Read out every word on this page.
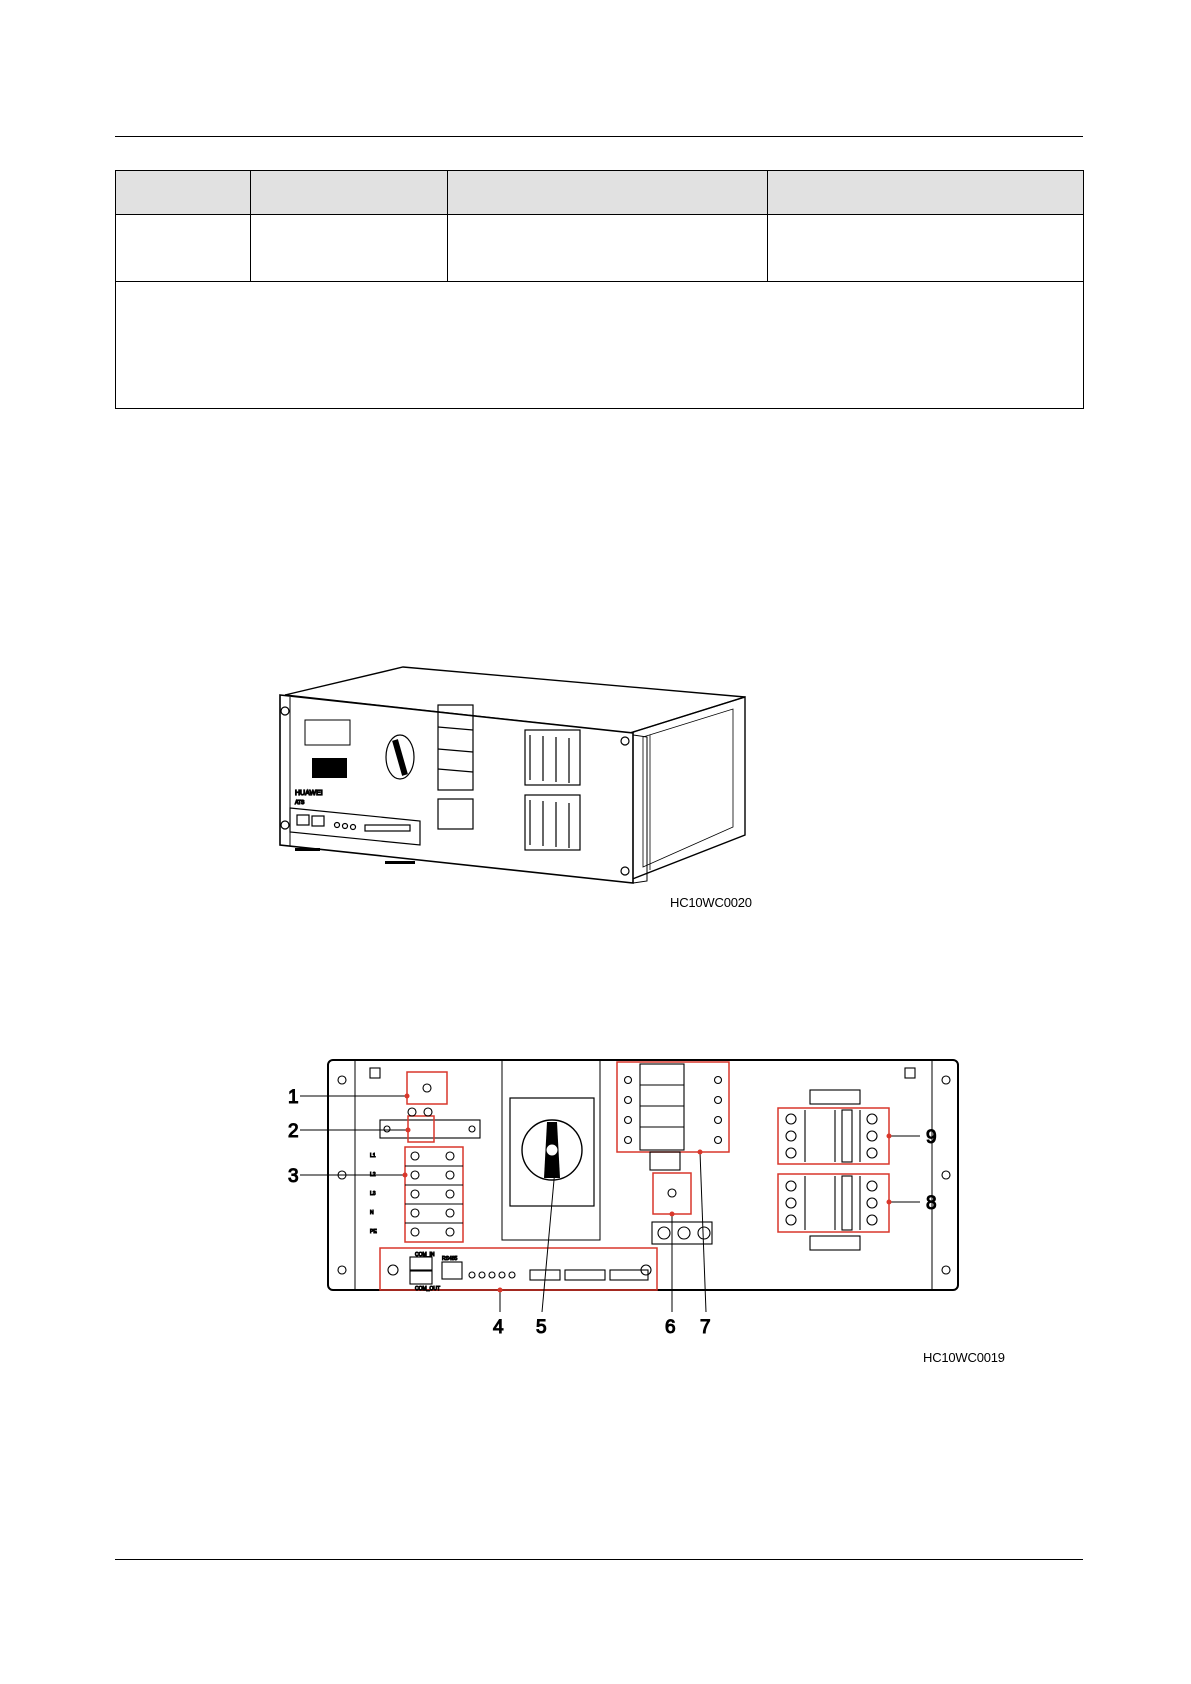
HUAWEI
ATS
HC10WC0020
L1
L2
L3
N
PE
COM_IN
COM_OUT
RS485
1
2
3
4 5	6 7
8
9
HC10WC0019
